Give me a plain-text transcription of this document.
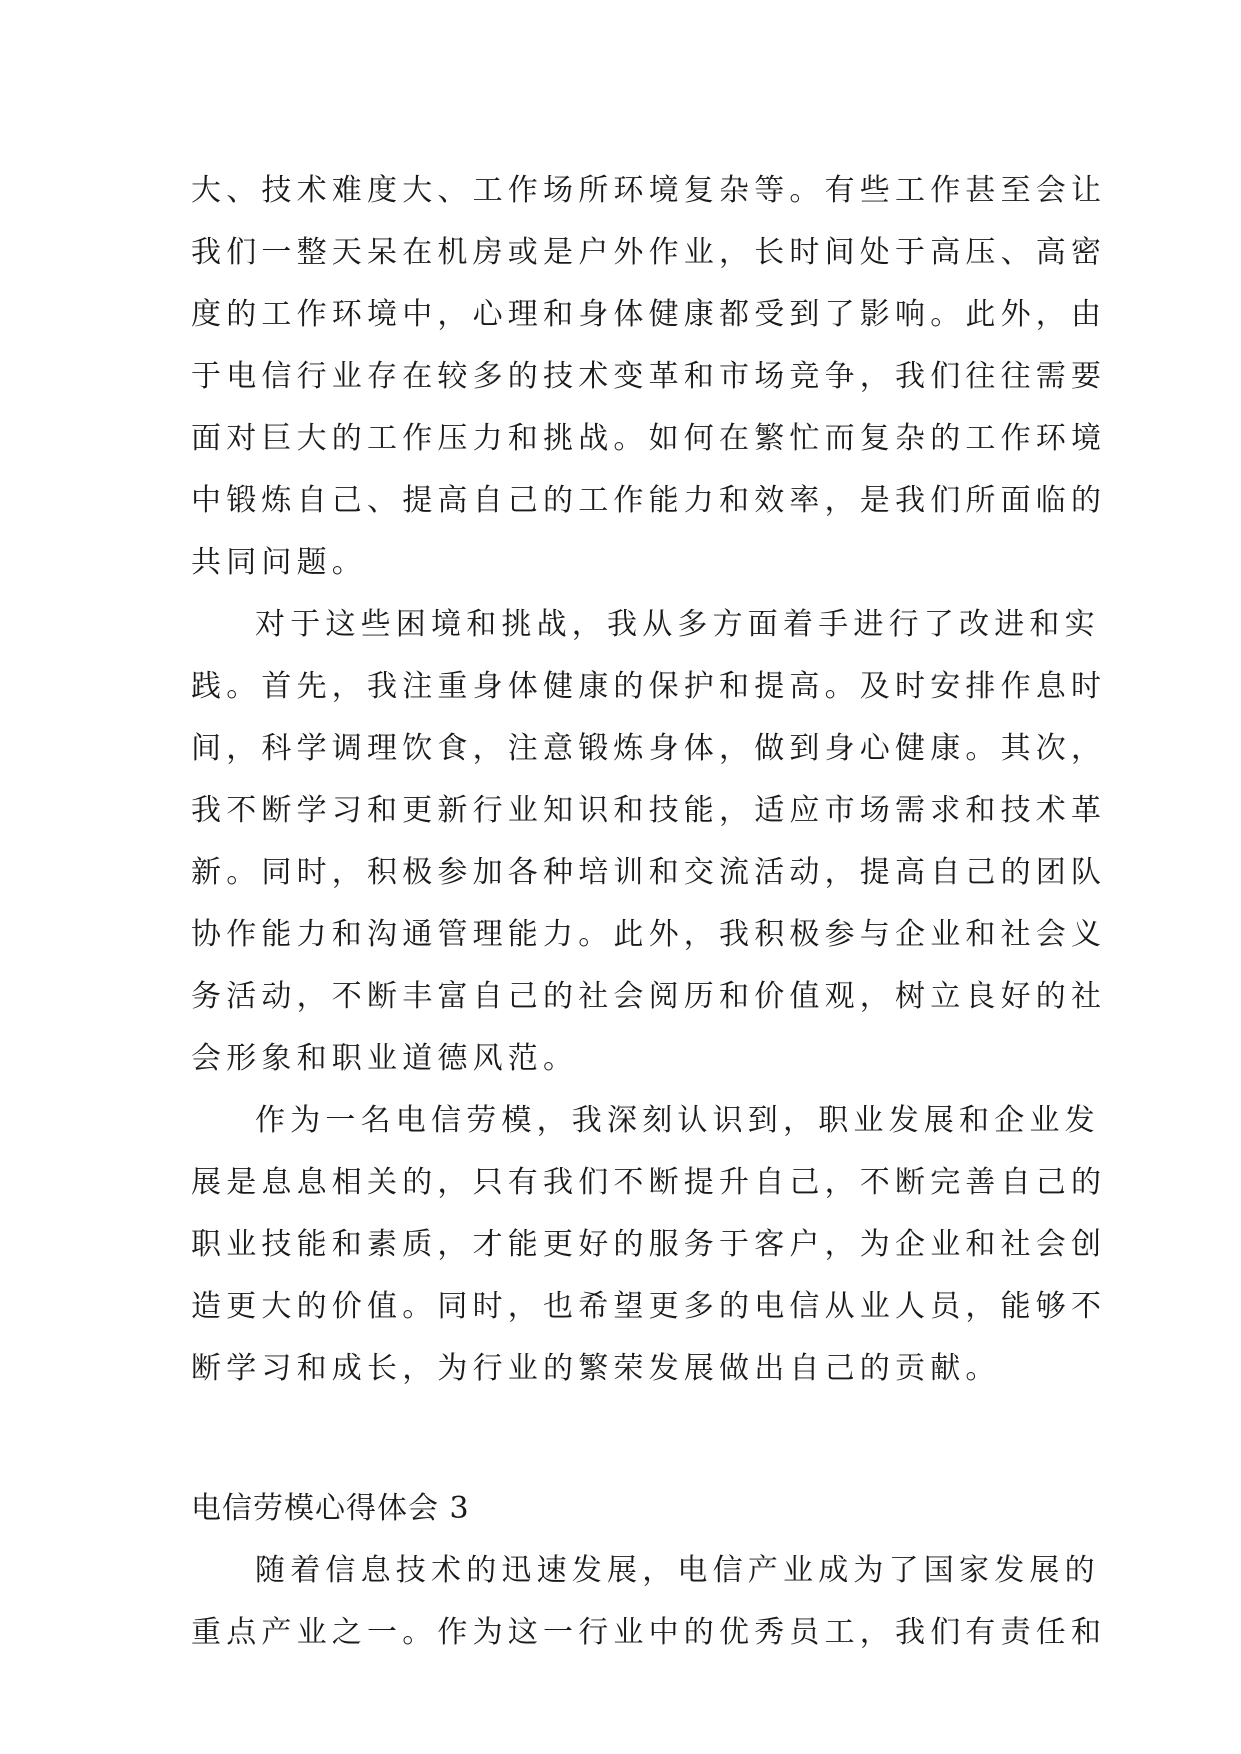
大、技术难度大、工作场所环境复杂等。有些工作甚至会让
我们一整天呆在机房或是户外作业，长时间处于高压、高密
度的工作环境中，心理和身体健康都受到了影响。此外，由
于电信行业存在较多的技术变革和市场竞争，我们往往需要
面对巨大的工作压力和挑战。如何在繁忙而复杂的工作环境
中锻炼自己、提高自己的工作能力和效率，是我们所面临的
共同问题。
对于这些困境和挑战，我从多方面着手进行了改进和实
践。首先，我注重身体健康的保护和提高。及时安排作息时
间，科学调理饮食，注意锻炼身体，做到身心健康。其次，
我不断学习和更新行业知识和技能，适应市场需求和技术革
新。同时，积极参加各种培训和交流活动，提高自己的团队
协作能力和沟通管理能力。此外，我积极参与企业和社会义
务活动，不断丰富自己的社会阅历和价值观，树立良好的社
会形象和职业道德风范。
作为一名电信劳模，我深刻认识到，职业发展和企业发
展是息息相关的，只有我们不断提升自己，不断完善自己的
职业技能和素质，才能更好的服务于客户，为企业和社会创
造更大的价值。同时，也希望更多的电信从业人员，能够不
断学习和成长，为行业的繁荣发展做出自己的贡献。
电信劳模心得体会 3
随着信息技术的迅速发展，电信产业成为了国家发展的
重点产业之一。作为这一行业中的优秀员工，我们有责任和
